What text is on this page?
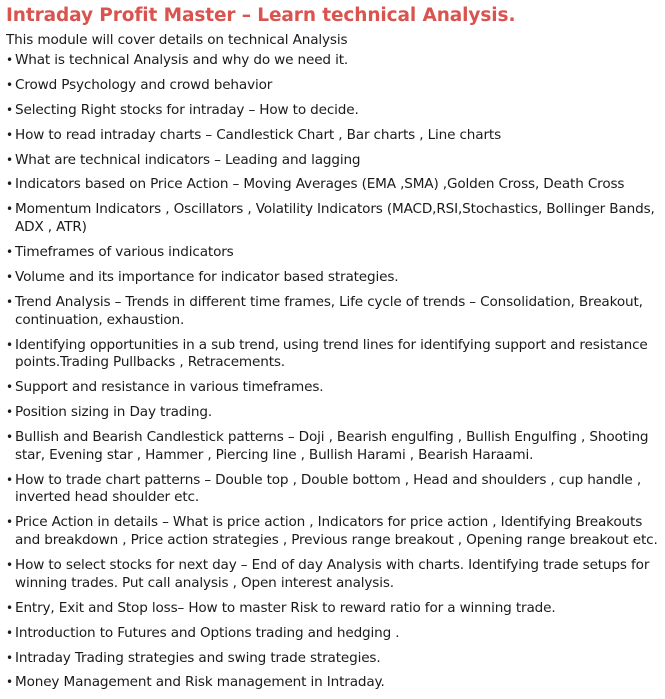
Intraday Profit Master – Learn technical Analysis.

This module will cover details on technical Analysis

• What is technical Analysis and why do we need it.
• Crowd Psychology and crowd behavior
• Selecting Right stocks for intraday – How to decide.
• How to read intraday charts – Candlestick Chart , Bar charts , Line charts
• What are technical indicators – Leading and lagging
• Indicators based on Price Action – Moving Averages (EMA ,SMA) ,Golden Cross, Death Cross
• Momentum Indicators , Oscillators , Volatility Indicators (MACD,RSI,Stochastics, Bollinger Bands, ADX , ATR)
• Timeframes of various indicators
• Volume and its importance for indicator based strategies.
• Trend Analysis – Trends in different time frames, Life cycle of trends – Consolidation, Breakout, continuation, exhaustion.
• Identifying opportunities in a sub trend, using trend lines for identifying support and resistance points.Trading Pullbacks , Retracements.
• Support and resistance in various timeframes.
• Position sizing in Day trading.
• Bullish and Bearish Candlestick patterns – Doji , Bearish engulfing , Bullish Engulfing , Shooting star, Evening star , Hammer , Piercing line , Bullish Harami , Bearish Haraami.
• How to trade chart patterns – Double top , Double bottom , Head and shoulders , cup handle , inverted head shoulder etc.
• Price Action in details – What is price action , Indicators for price action , Identifying Breakouts and breakdown , Price action strategies , Previous range breakout , Opening range breakout etc.
• How to select stocks for next day – End of day Analysis with charts. Identifying trade setups for winning trades. Put call analysis , Open interest analysis.
• Entry, Exit and Stop loss– How to master Risk to reward ratio for a winning trade.
• Introduction to Futures and Options trading and hedging .
• Intraday Trading strategies and swing trade strategies.
• Money Management and Risk management in Intraday.
